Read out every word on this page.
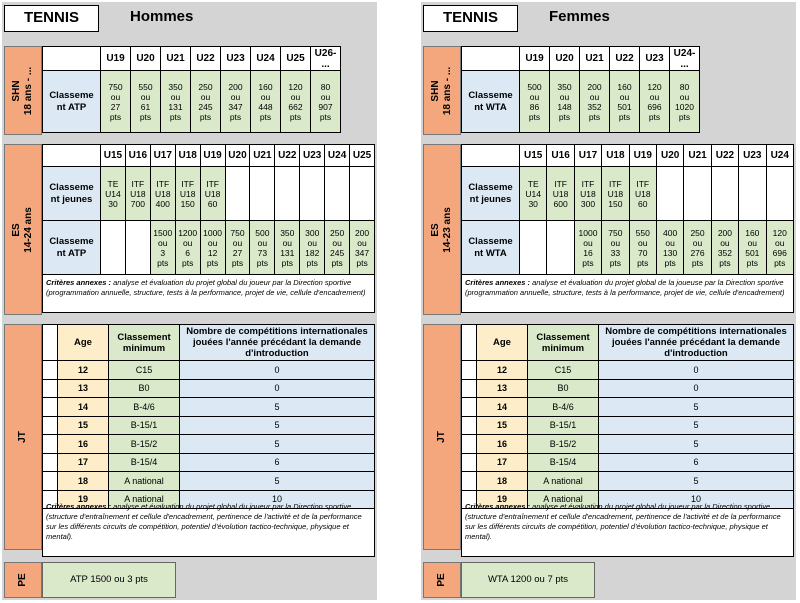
TENNIS	Hommes
SHN
18 ans - ...
	U19	U20	U21	U22	U23	U24	U25	U26-
...
Classeme
nt ATP	750
ou
27
pts	550
ou
61
pts	350
ou
131
pts	250
ou
245
pts	200
ou
347
pts	160
ou
448
pts	120
ou
662
pts	80
ou
907
pts
ES
14-24 ans
	U15	U16	U17	U18	U19	U20	U21	U22	U23	U24	U25
Classeme
nt jeunes	TE
U14
30	ITF
U18
700	ITF
U18
400	ITF
U18
150	ITF
U18
60						
Classeme
nt ATP			1500
ou
3
pts	1200
ou
6
pts	1000
ou
12
pts	750
ou
27
pts	500
ou
73
pts	350
ou
131
pts	300
ou
182
pts	250
ou
245
pts	200
ou
347
pts

Critères annexes : analyse et évaluation du projet global du joueur par la Direction sportive (programmation annuelle, structure, tests à la performance, projet de vie, cellule d'encadrement)
JT
	Age	Classement
minimum	Nombre de compétitions internationales
jouées l'année précédant la demande
d'introduction
	12	C15	0
	13	B0	0
	14	B-4/6	5
	15	B-15/1	5
	16	B-15/2	5
	17	B-15/4	6
	18	A national	5
	19	A national	10

Critères annexes : analyse et évaluation du projet global du joueur par la Direction sportive (structure d'entraînement et cellule d'encadrement, pertinence de l'activité et de la performance sur les différents circuits de compétition, potentiel d'évolution tactico-technique, physique et mental).
PE	ATP 1500 ou 3 pts
TENNIS	Femmes
SHN
18 ans - ...
	U19	U20	U21	U22	U23	U24-
...
Classeme
nt WTA	500
ou
86
pts	350
ou
148
pts	200
ou
352
pts	160
ou
501
pts	120
ou
696
pts	80
ou
1020
pts
ES
14-23 ans
	U15	U16	U17	U18	U19	U20	U21	U22	U23	U24
Classeme
nt jeunes	TE
U14
30	ITF
U18
600	ITF
U18
300	ITF
U18
150	ITF
U18
60					
Classeme
nt WTA			1000
ou
16
pts	750
ou
33
pts	550
ou
70
pts	400
ou
130
pts	250
ou
276
pts	200
ou
352
pts	160
ou
501
pts	120
ou
696
pts

Critères annexes : analyse et évaluation du projet global de la joueuse par la Direction sportive (programmation annuelle, structure, tests à la performance, projet de vie, cellule d'encadrement)
JT
	Age	Classement
minimum	Nombre de compétitions internationales
jouées l'année précédant la demande
d'introduction
	12	C15	0
	13	B0	0
	14	B-4/6	5
	15	B-15/1	5
	16	B-15/2	5
	17	B-15/4	6
	18	A national	5
	19	A national	10

Critères annexes : analyse et évaluation du projet global du joueur par la Direction sportive (structure d'entraînement et cellule d'encadrement, pertinence de l'activité et de la performance sur les différents circuits de compétition, potentiel d'évolution tactico-technique, physique et mental).
PE	WTA 1200 ou 7 pts
